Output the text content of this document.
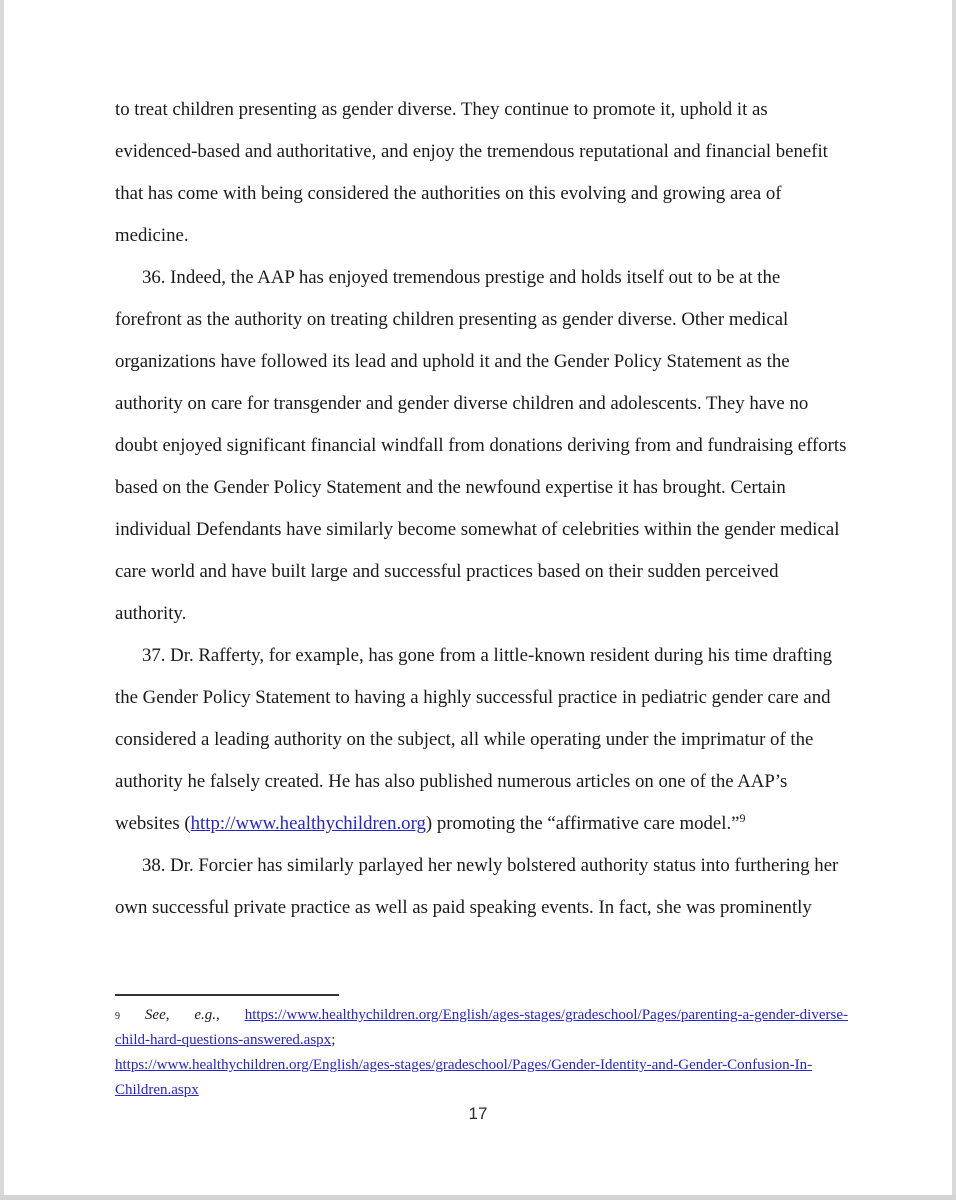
to treat children presenting as gender diverse. They continue to promote it, uphold it as evidenced-based and authoritative, and enjoy the tremendous reputational and financial benefit that has come with being considered the authorities on this evolving and growing area of medicine.

36. Indeed, the AAP has enjoyed tremendous prestige and holds itself out to be at the forefront as the authority on treating children presenting as gender diverse. Other medical organizations have followed its lead and uphold it and the Gender Policy Statement as the authority on care for transgender and gender diverse children and adolescents. They have no doubt enjoyed significant financial windfall from donations deriving from and fundraising efforts based on the Gender Policy Statement and the newfound expertise it has brought. Certain individual Defendants have similarly become somewhat of celebrities within the gender medical care world and have built large and successful practices based on their sudden perceived authority.

37. Dr. Rafferty, for example, has gone from a little-known resident during his time drafting the Gender Policy Statement to having a highly successful practice in pediatric gender care and considered a leading authority on the subject, all while operating under the imprimatur of the authority he falsely created. He has also published numerous articles on one of the AAP’s websites (http://www.healthychildren.org) promoting the “affirmative care model.”$^9$

38. Dr. Forcier has similarly parlayed her newly bolstered authority status into furthering her own successful private practice as well as paid speaking events. In fact, she was prominently

9 See, e.g., https://www.healthychildren.org/English/ages-stages/gradeschool/Pages/parenting-a-gender-diverse-
child-hard-questions-answered.aspx;
https://www.healthychildren.org/English/ages-stages/gradeschool/Pages/Gender-Identity-and-Gender-Confusion-In-
Children.aspx
17
